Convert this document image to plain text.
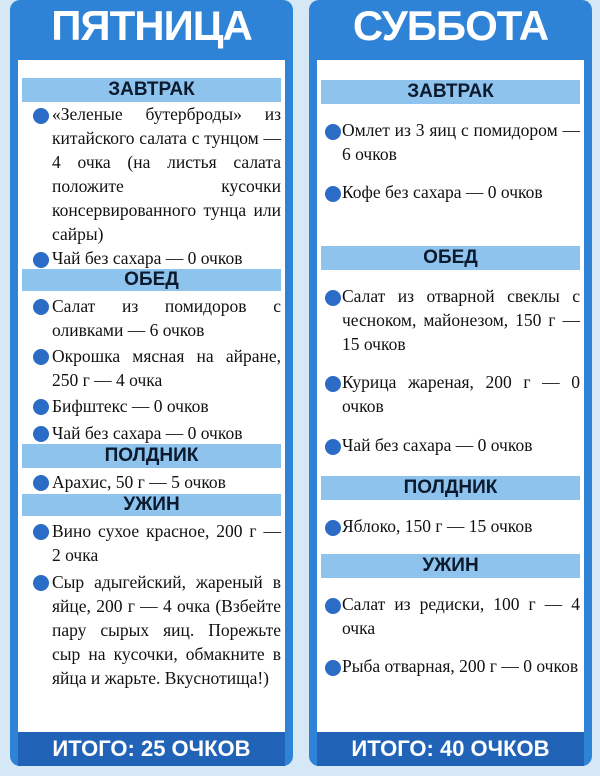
ПЯТНИЦА
ЗАВТРАК
«Зеленые бутерброды» из китайского салата с тунцом — 4 очка (на листья салата положите кусочки консервированного тунца или сайры)
Чай без сахара — 0 очков
ОБЕД
Салат из помидоров с оливками — 6 очков
Окрошка мясная на айране, 250 г — 4 очка
Бифштекс — 0 очков
Чай без сахара — 0 очков
ПОЛДНИК
Арахис, 50 г — 5 очков
УЖИН
Вино сухое красное, 200 г — 2 очка
Сыр адыгейский, жареный в яйце, 200 г — 4 очка (Взбейте пару сырых яиц. Порежьте сыр на кусочки, обмакните в яйца и жарьте. Вкуснотища!)
ИТОГО: 25 ОЧКОВ
СУББОТА
ЗАВТРАК
Омлет из 3 яиц с помидором — 6 очков
Кофе без сахара — 0 очков
ОБЕД
Салат из отварной свеклы с чесноком, майонезом, 150 г — 15 очков
Курица жареная, 200 г — 0 очков
Чай без сахара — 0 очков
ПОЛДНИК
Яблоко, 150 г — 15 очков
УЖИН
Салат из редиски, 100 г — 4 очка
Рыба отварная, 200 г — 0 очков
ИТОГО: 40 ОЧКОВ
